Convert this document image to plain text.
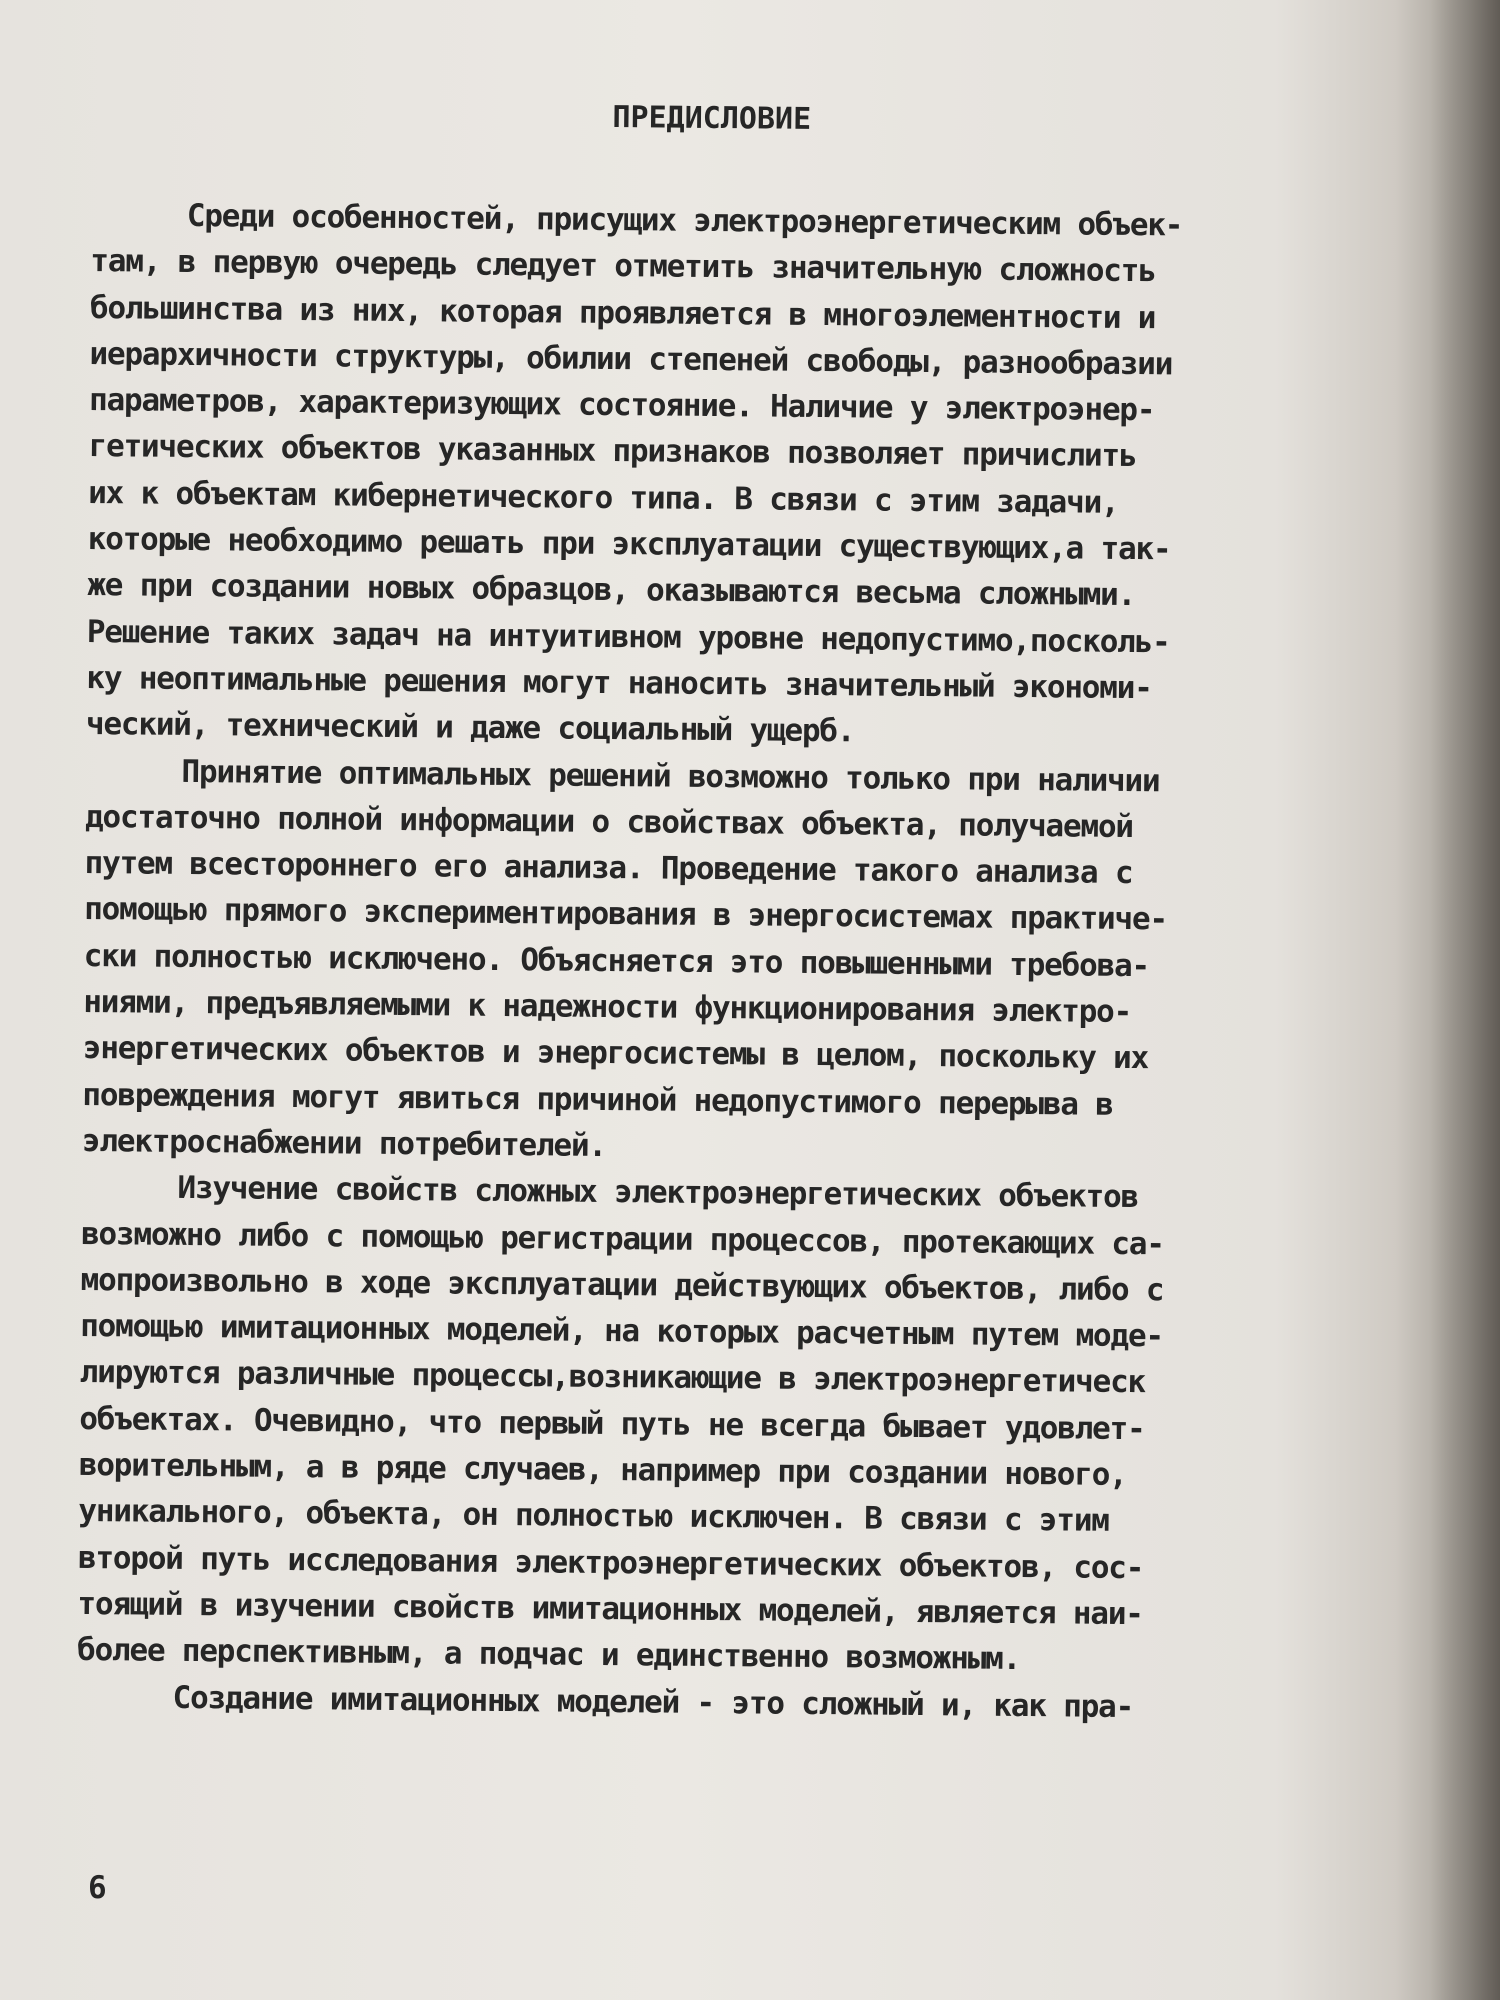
ПРЕДИСЛОВИЕ
Среди особенностей, присущих электроэнергетическим объек-
там, в первую очередь следует отметить значительную сложность
большинства из них, которая проявляется в многоэлементности и
иерархичности структуры, обилии степеней свободы, разнообразии
параметров, характеризующих состояние. Наличие у электроэнер-
гетических объектов указанных признаков позволяет причислить
их к объектам кибернетического типа. В связи с этим задачи,
которые необходимо решать при эксплуатации существующих,а так-
же при создании новых образцов, оказываются весьма сложными.
Решение таких задач на интуитивном уровне недопустимо,посколь-
ку неоптимальные решения могут наносить значительный экономи-
ческий, технический и даже социальный ущерб.
Принятие оптимальных решений возможно только при наличии
достаточно полной информации о свойствах объекта, получаемой
путем всестороннего его анализа. Проведение такого анализа с
помощью прямого экспериментирования в энергосистемах практиче-
ски полностью исключено. Объясняется это повышенными требова-
ниями, предъявляемыми к надежности функционирования электро-
энергетических объектов и энергосистемы в целом, поскольку их
повреждения могут явиться причиной недопустимого перерыва в
электроснабжении потребителей.
Изучение свойств сложных электроэнергетических объектов
возможно либо с помощью регистрации процессов, протекающих са-
мопроизвольно в ходе эксплуатации действующих объектов, либо с
помощью имитационных моделей, на которых расчетным путем моде-
лируются различные процессы,возникающие в электроэнергетическ
объектах. Очевидно, что первый путь не всегда бывает удовлет-
ворительным, а в ряде случаев, например при создании нового,
уникального, объекта, он полностью исключен. В связи с этим
второй путь исследования электроэнергетических объектов, сос-
тоящий в изучении свойств имитационных моделей, является наи-
более перспективным, а подчас и единственно возможным.
Создание имитационных моделей - это сложный и, как пра-
6
